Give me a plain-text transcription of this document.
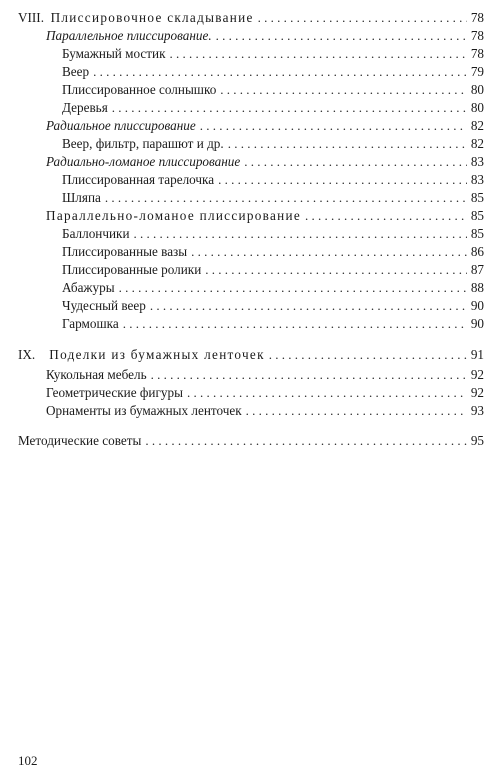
VIII. Плиссировочное складывание . . .	78
Параллельное плиссирование. . . .	78
Бумажный мостик . . .	78
Веер . . .	79
Плиссированное солнышко . . .	80
Деревья . . .	80
Радиальное плиссирование . . .	82
Веер, фильтр, парашют и др. . . .	82
Радиально-ломаное плиссирование . . .	83
Плиссированная тарелочка . . .	83
Шляпа . . .	85
Параллельно-ломаное плиссирование . . .	85
Баллончики . . .	85
Плиссированные вазы . . .	86
Плиссированные ролики . . .	87
Абажуры . . .	88
Чудесный веер . . .	90
Гармошка . . .	90
IX. Поделки из бумажных ленточек . . .	91
Кукольная мебель . . .	92
Геометрические фигуры . . .	92
Орнаменты из бумажных ленточек . . .	93
Методические советы . . .	95
102
